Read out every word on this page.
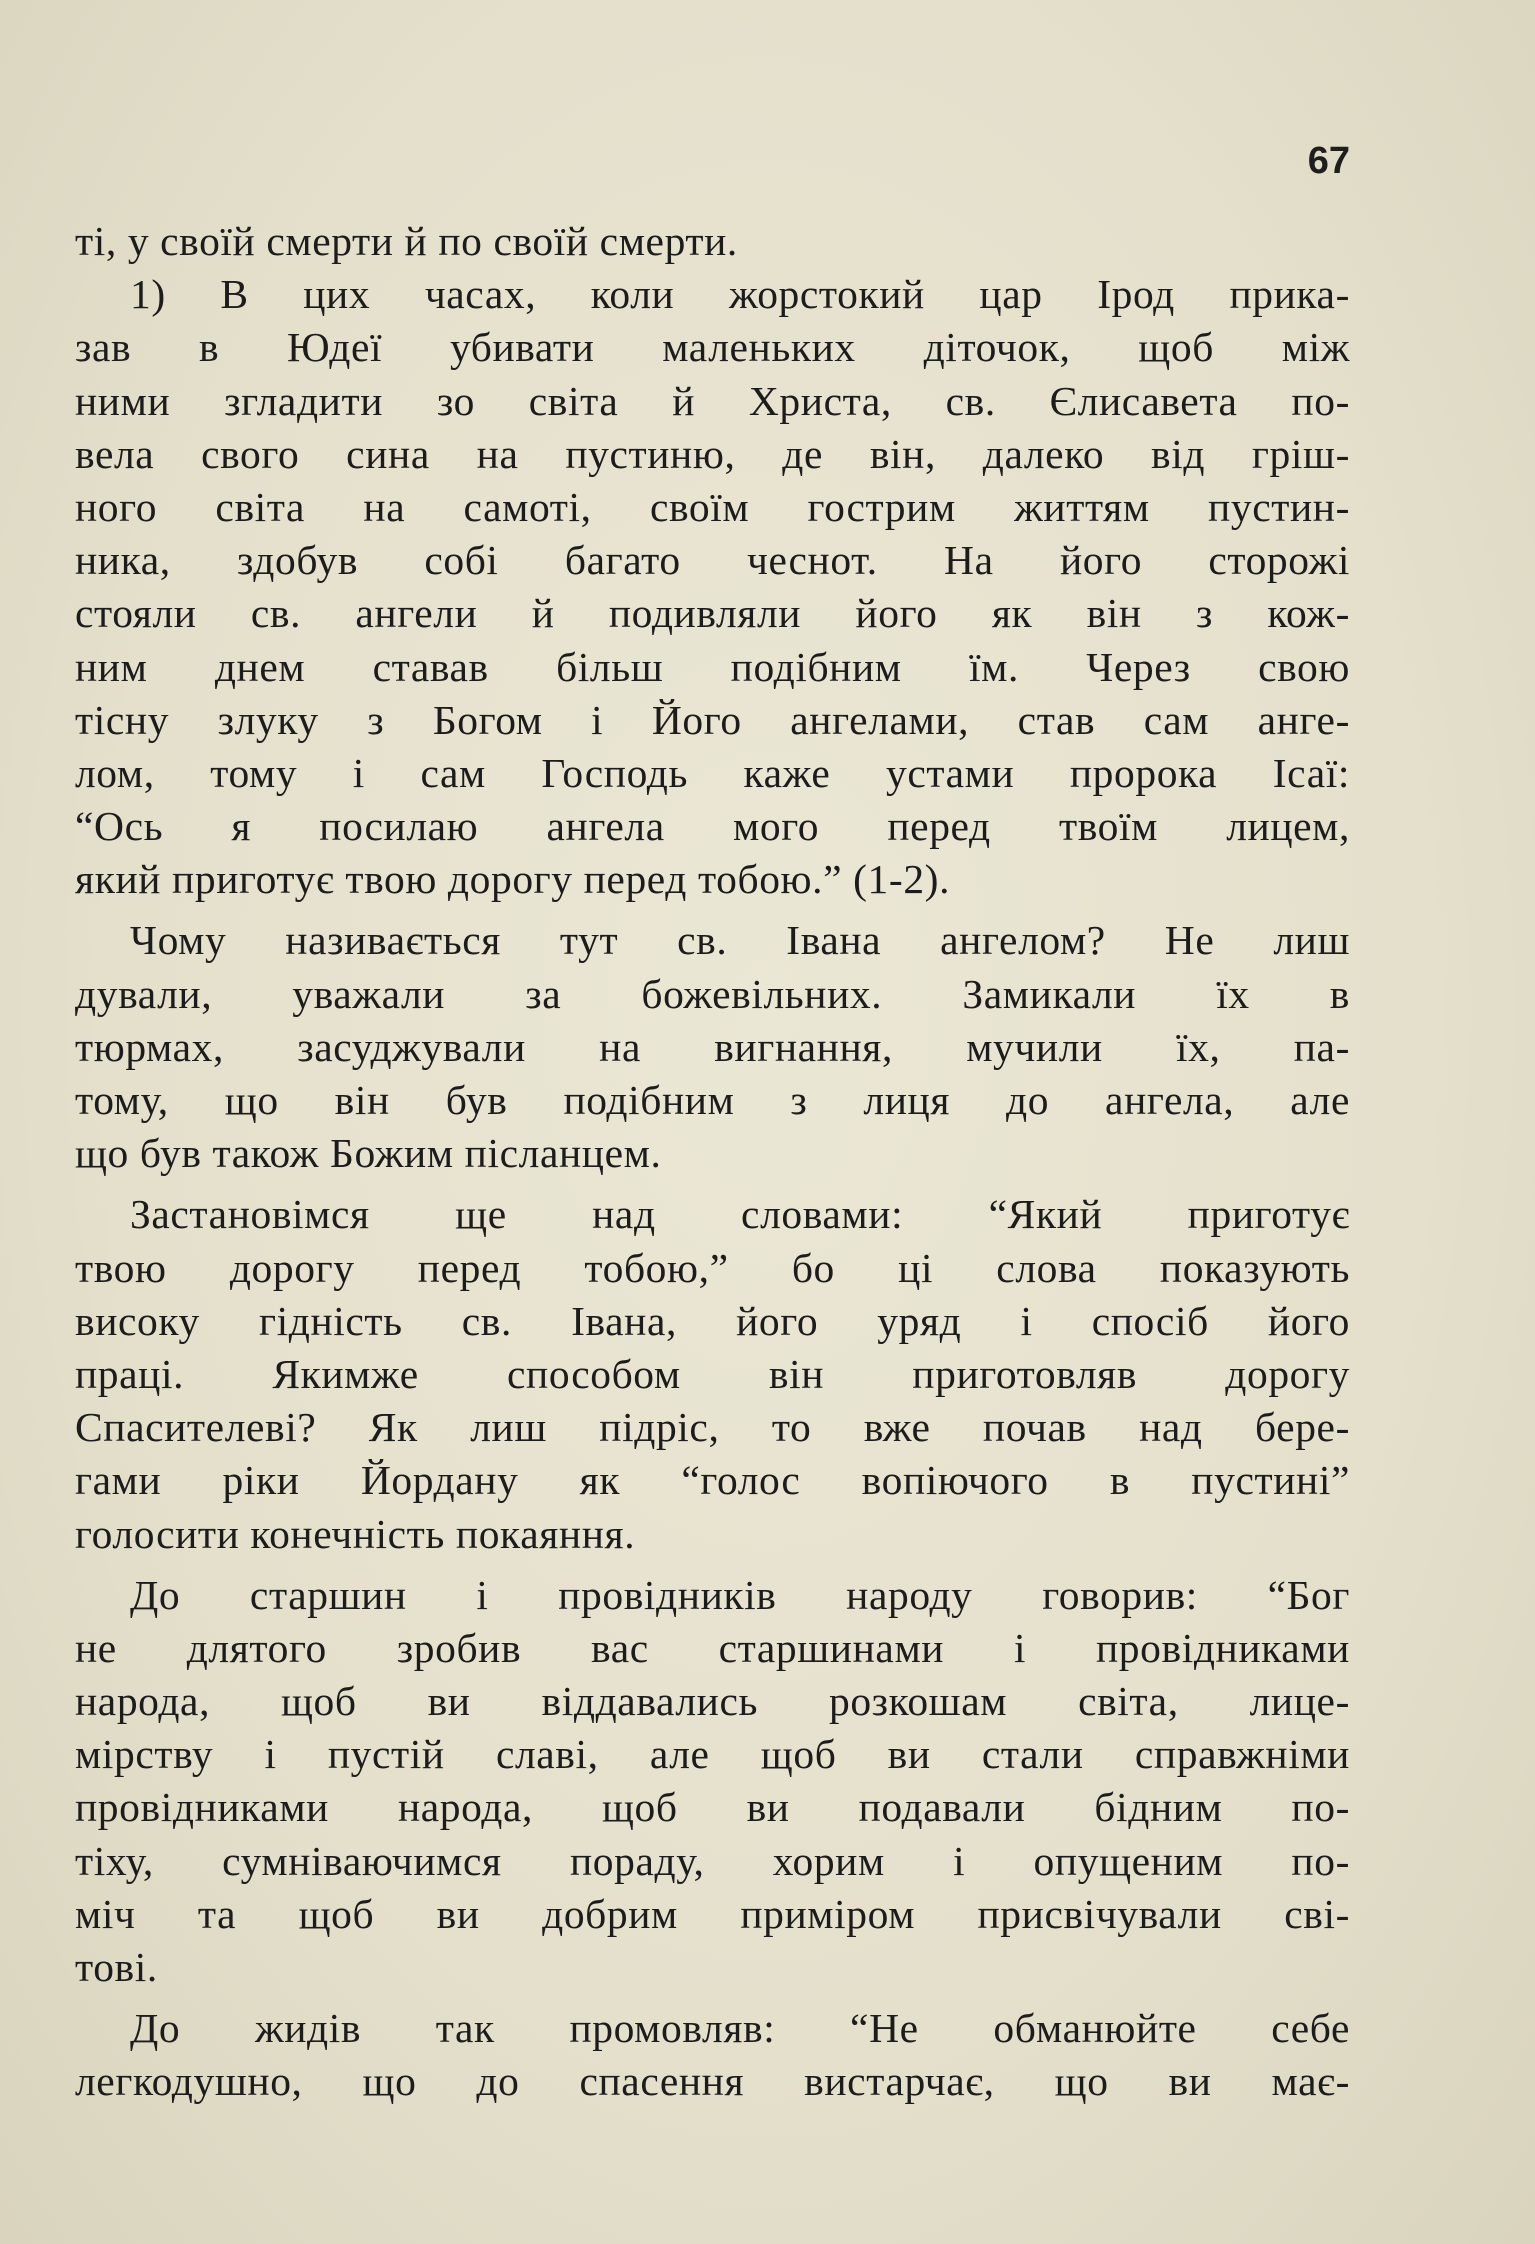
67
ті, у своїй смерти й по своїй смерти.
1) В цих часах, коли жорстокий цар Ірод прика-
зав в Юдеї убивати маленьких діточок, щоб між
ними згладити зо світа й Христа, св. Єлисавета по-
вела свого сина на пустиню, де він, далеко від гріш-
ного світа на самоті, своїм гострим життям пустин-
ника, здобув собі багато чеснот. На його сторожі
стояли св. ангели й подивляли його як він з кож-
ним днем ставав більш подібним їм. Через свою
тісну злуку з Богом і Його ангелами, став сам анге-
лом, тому і сам Господь каже устами пророка Ісаї:
“Ось я посилаю ангела мого перед твоїм лицем,
який приготує твою дорогу перед тобою.” (1-2).
Чому називається тут св. Івана ангелом? Не лиш
дували, уважали за божевільних. Замикали їх в
тюрмах, засуджували на вигнання, мучили їх, па-
тому, що він був подібним з лиця до ангела, але
що був також Божим післанцем.
Застановімся ще над словами: “Який приготує
твою дорогу перед тобою,” бо ці слова показують
високу гідність св. Івана, його уряд і спосіб його
праці. Якимже способом він приготовляв дорогу
Спасителеві? Як лиш підріс, то вже почав над бере-
гами ріки Йордану як “голос вопіючого в пустині”
голосити конечність покаяння.
До старшин і провідників народу говорив: “Бог
не длятого зробив вас старшинами і провідниками
народа, щоб ви віддавались розкошам світа, лице-
мірству і пустій славі, але щоб ви стали справжніми
провідниками народа, щоб ви подавали бідним по-
тіху, сумніваючимся пораду, хорим і опущеним по-
міч та щоб ви добрим приміром присвічували сві-
тові.
До жидів так промовляв: “Не обманюйте себе
легкодушно, що до спасення вистарчає, що ви має-
